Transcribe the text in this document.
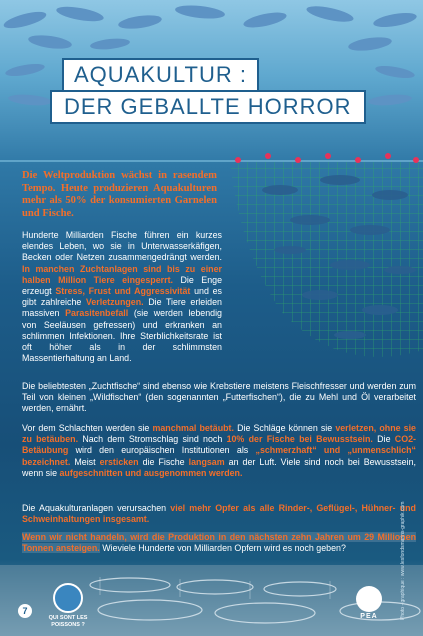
AQUAKULTUR :
DER GEBALLTE HORROR
Die Weltproduktion wächst in rasendem Tempo. Heute produzieren Aquakulturen mehr als 50% der konsumierten Garnelen und Fische.
Hunderte Milliarden Fische führen ein kurzes elendes Leben, wo sie in Unterwasserkäfigen, Becken oder Netzen zusammengedrängt werden. In manchen Zuchtanlagen sind bis zu einer halben Million Tiere eingesperrt. Die Enge erzeugt Stress, Frust und Aggressivität und es gibt zahlreiche Verletzungen. Die Tiere erleiden massiven Parasitenbefall (sie werden lebendig von Seeläusen gefressen) und erkranken an schlimmen Infektionen. Ihre Sterblichkeitsrate ist oft höher als in der schlimmsten Massentierhaltung an Land.
Die beliebtesten „Zuchtfische“ sind ebenso wie Krebstiere meistens Fleischfresser und werden zum Teil von kleinen „Wildfischen“ (den sogenannten „Futterfischen“), die zu Mehl und Öl verarbeitet werden, ernährt.
Vor dem Schlachten werden sie manchmal betäubt. Die Schläge können sie verletzen, ohne sie zu betäuben. Nach dem Stromschlag sind noch 10% der Fische bei Bewusstsein. Die CO2-Betäubung wird den europäischen Institutionen als „schmerzhaft“ und „unmenschlich“ bezeichnet. Meist ersticken die Fische langsam an der Luft. Viele sind noch bei Bewusstsein, wenn sie aufgeschnitten und ausgenommen werden.
Die Aquakulturanlagen verursachen viel mehr Opfer als alle Rinder-, Geflügel-, Hühner- und Schweinhaltungen insgesamt.
Wenn wir nicht handeln, wird die Produktion in den nächsten zehn Jahren um 29 Millionen Tonnen ansteigen. Wieviele Hunderte von Milliarden Opfern wird es noch geben?
7
QUI SONT LES POISSONS ?
PEA	Photo - graphique : www.lesfondsmarins-graphik.com
